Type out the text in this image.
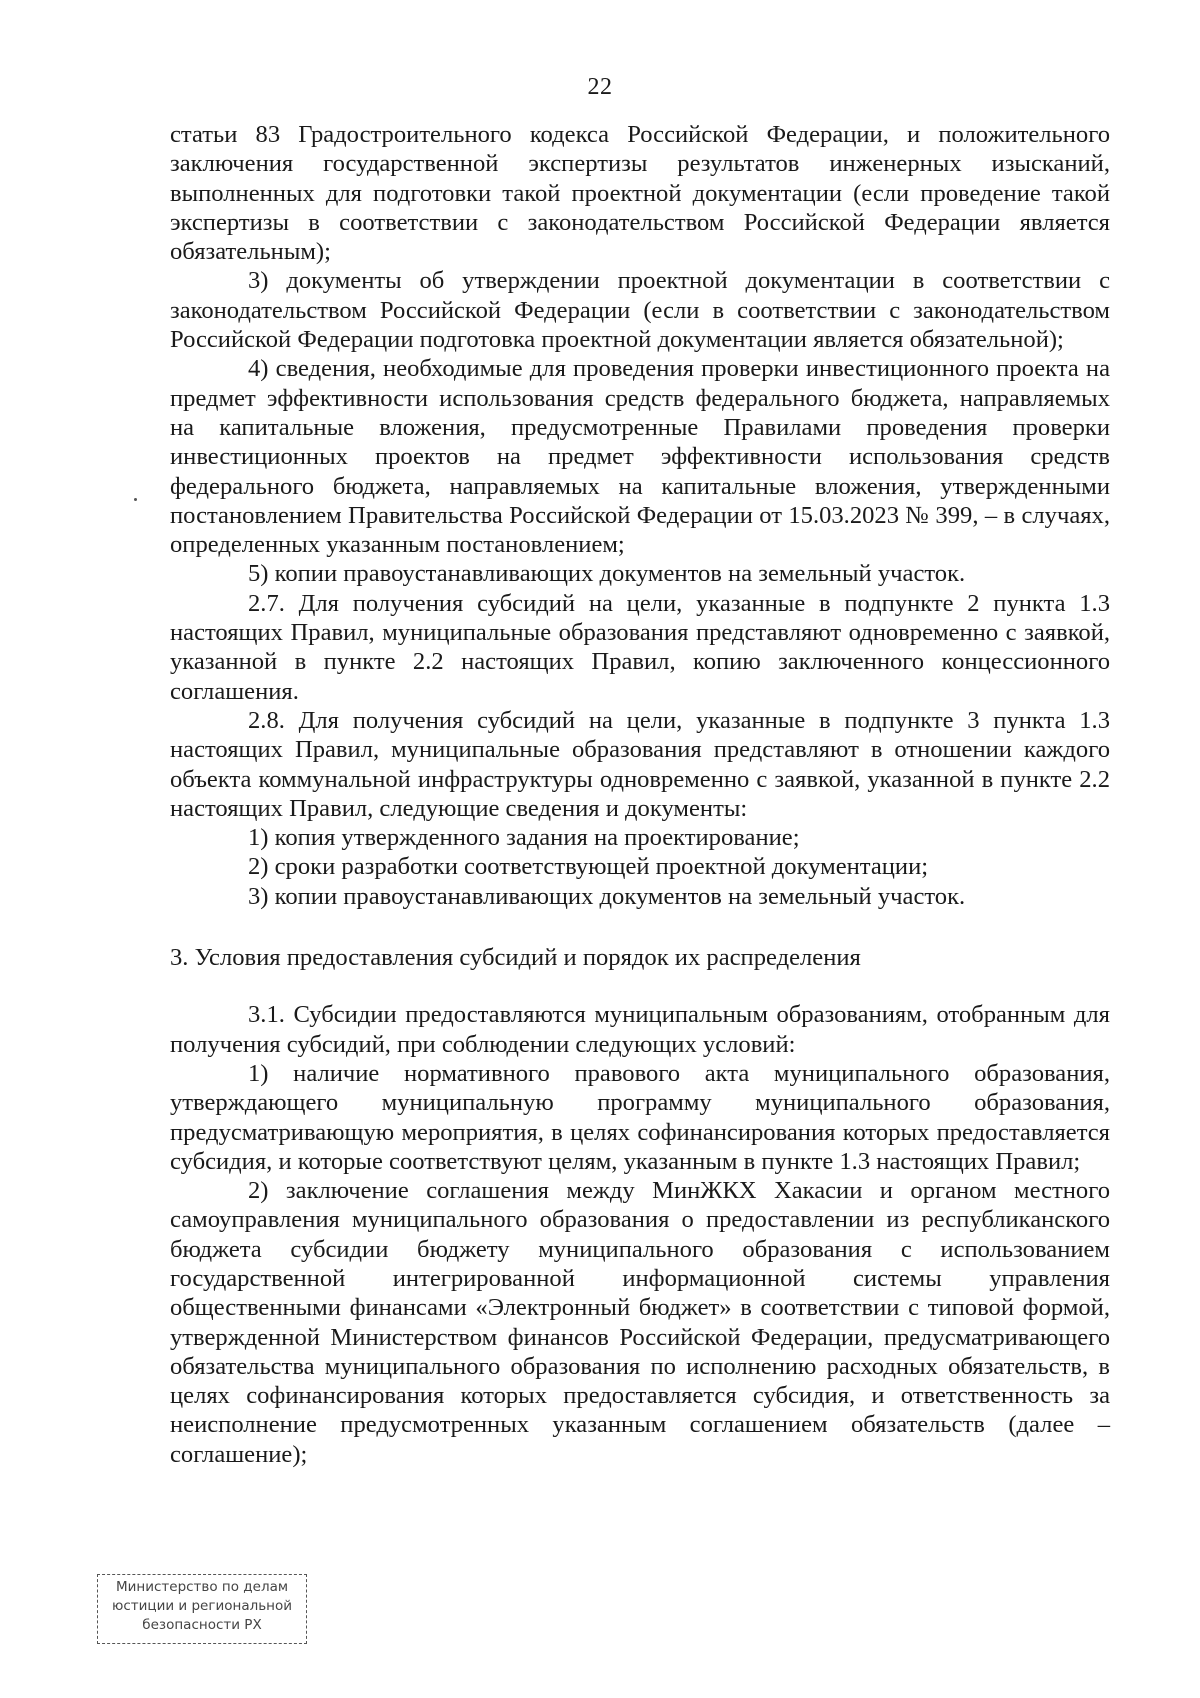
22

статьи 83 Градостроительного кодекса Российской Федерации, и положительного заключения государственной экспертизы результатов инженерных изысканий, выполненных для подготовки такой проектной документации (если проведение такой экспертизы в соответствии с законодательством Российской Федерации является обязательным);

3) документы об утверждении проектной документации в соответствии с законодательством Российской Федерации (если в соответствии с законодательством Российской Федерации подготовка проектной документации является обязательной);

4) сведения, необходимые для проведения проверки инвестиционного проекта на предмет эффективности использования средств федерального бюджета, направляемых на капитальные вложения, предусмотренные Правилами проведения проверки инвестиционных проектов на предмет эффективности использования средств федерального бюджета, направляемых на капитальные вложения, утвержденными постановлением Правительства Российской Федерации от 15.03.2023 № 399, – в случаях, определенных указанным постановлением;

5) копии правоустанавливающих документов на земельный участок.

2.7. Для получения субсидий на цели, указанные в подпункте 2 пункта 1.3 настоящих Правил, муниципальные образования представляют одновременно с заявкой, указанной в пункте 2.2 настоящих Правил, копию заключенного концессионного соглашения.

2.8. Для получения субсидий на цели, указанные в подпункте 3 пункта 1.3 настоящих Правил, муниципальные образования представляют в отношении каждого объекта коммунальной инфраструктуры одновременно с заявкой, указанной в пункте 2.2 настоящих Правил, следующие сведения и документы:

1) копия утвержденного задания на проектирование;

2) сроки разработки соответствующей проектной документации;

3) копии правоустанавливающих документов на земельный участок.

3. Условия предоставления субсидий и порядок их распределения

3.1. Субсидии предоставляются муниципальным образованиям, отобранным для получения субсидий, при соблюдении следующих условий:

1) наличие нормативного правового акта муниципального образования, утверждающего муниципальную программу муниципального образования, предусматривающую мероприятия, в целях софинансирования которых предоставляется субсидия, и которые соответствуют целям, указанным в пункте 1.3 настоящих Правил;

2) заключение соглашения между МинЖКХ Хакасии и органом местного самоуправления муниципального образования о предоставлении из республиканского бюджета субсидии бюджету муниципального образования с использованием государственной интегрированной информационной системы управления общественными финансами «Электронный бюджет» в соответствии с типовой формой, утвержденной Министерством финансов Российской Федерации, предусматривающего обязательства муниципального образования по исполнению расходных обязательств, в целях софинансирования которых предоставляется субсидия, и ответственность за неисполнение предусмотренных указанным соглашением обязательств (далее – соглашение);

Министерство по делам
юстиции и региональной
безопасности РХ
